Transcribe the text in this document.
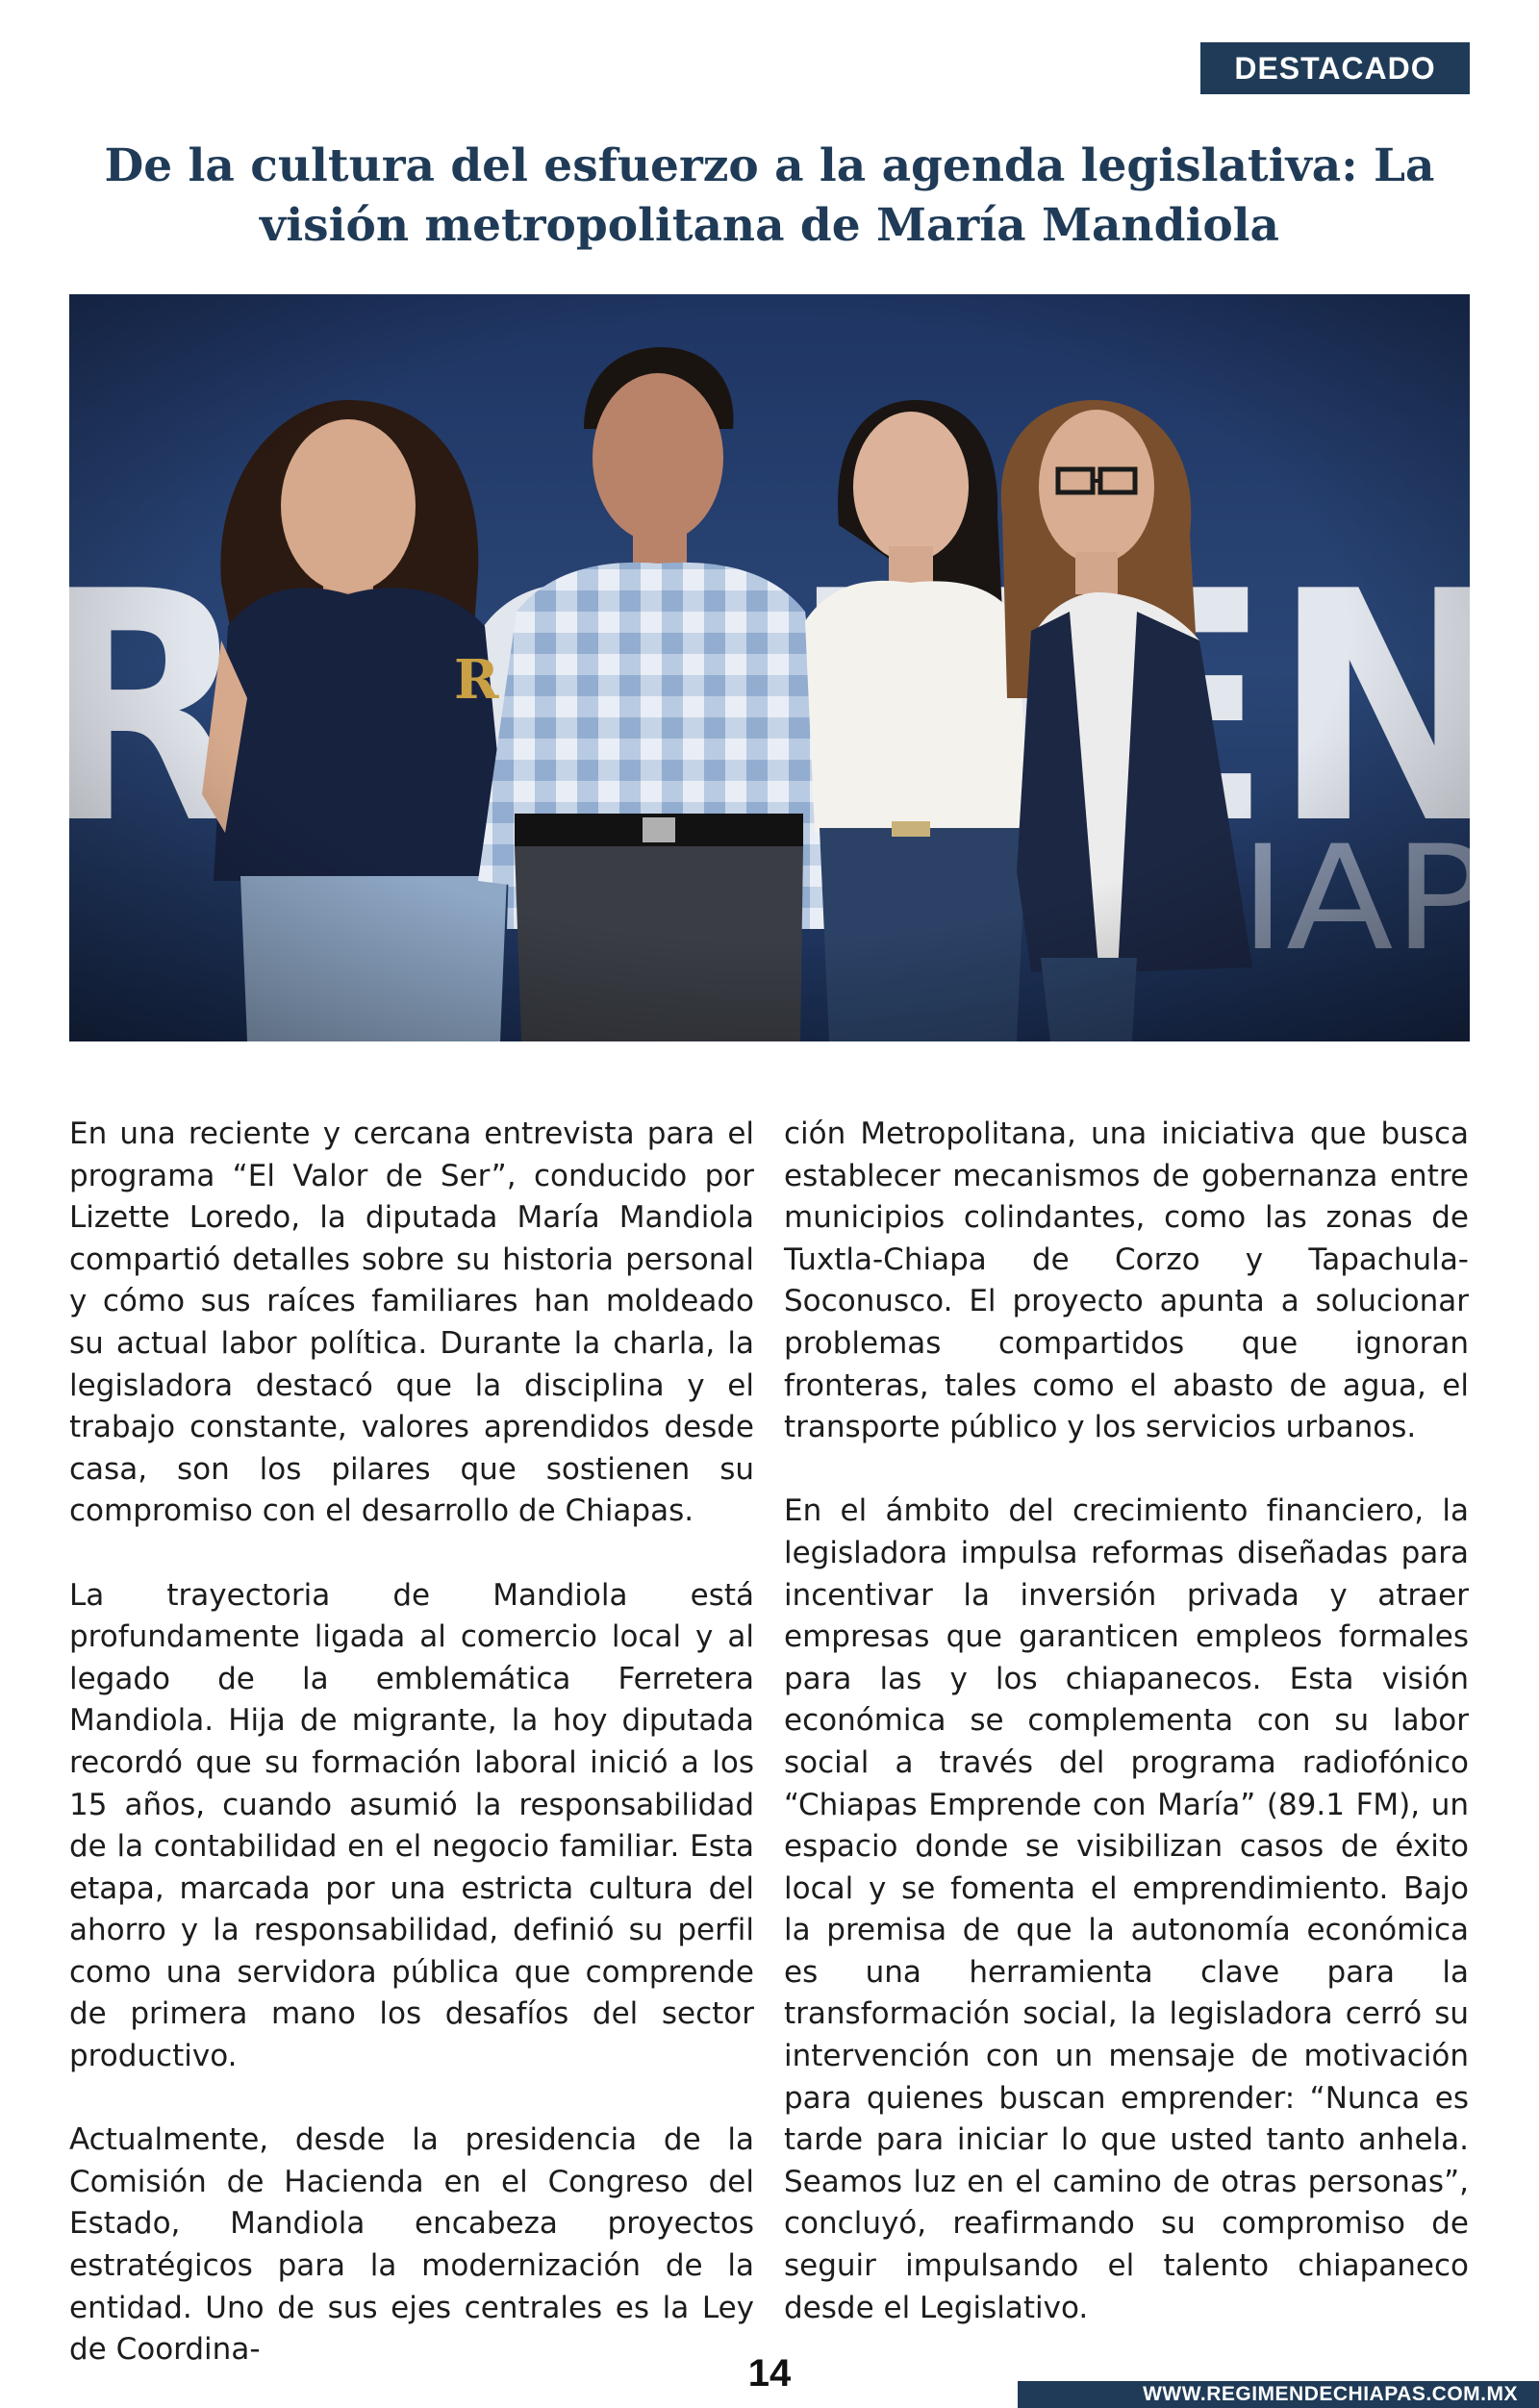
DESTACADO
De la cultura del esfuerzo a la agenda legislativa: La visión metropolitana de María Mandiola

En una reciente y cercana entrevista para el programa “El Valor de Ser”, conducido por Lizette Loredo, la diputada María Mandiola compartió detalles sobre su historia personal y cómo sus raíces familiares han moldeado su actual labor política. Durante la charla, la legisladora destacó que la disciplina y el trabajo constante, valores aprendidos desde casa, son los pilares que sostienen su compromiso con el desarrollo de Chiapas.

La trayectoria de Mandiola está profundamente ligada al comercio local y al legado de la emblemática Ferretera Mandiola. Hija de migrante, la hoy diputada recordó que su formación laboral inició a los 15 años, cuando asumió la responsabilidad de la contabilidad en el negocio familiar. Esta etapa, marcada por una estricta cultura del ahorro y la responsabilidad, definió su perfil como una servidora pública que comprende de primera mano los desafíos del sector productivo.

Actualmente, desde la presidencia de la Comisión de Hacienda en el Congreso del Estado, Mandiola encabeza proyectos estratégicos para la modernización de la entidad. Uno de sus ejes centrales es la Ley de Coordina-

ción Metropolitana, una iniciativa que busca establecer mecanismos de gobernanza entre municipios colindantes, como las zonas de Tuxtla-Chiapa de Corzo y Tapachula-Soconusco. El proyecto apunta a solucionar problemas compartidos que ignoran fronteras, tales como el abasto de agua, el transporte público y los servicios urbanos.

En el ámbito del crecimiento financiero, la legisladora impulsa reformas diseñadas para incentivar la inversión privada y atraer empresas que garanticen empleos formales para las y los chiapanecos. Esta visión económica se complementa con su labor social a través del programa radiofónico “Chiapas Emprende con María” (89.1 FM), un espacio donde se visibilizan casos de éxito local y se fomenta el emprendimiento. Bajo la premisa de que la autonomía económica es una herramienta clave para la transformación social, la legisladora cerró su intervención con un mensaje de motivación para quienes buscan emprender: “Nunca es tarde para iniciar lo que usted tanto anhela. Seamos luz en el camino de otras personas”, concluyó, reafirmando su compromiso de seguir impulsando el talento chiapaneco desde el Legislativo.

14	WWW.REGIMENDECHIAPAS.COM.MX
